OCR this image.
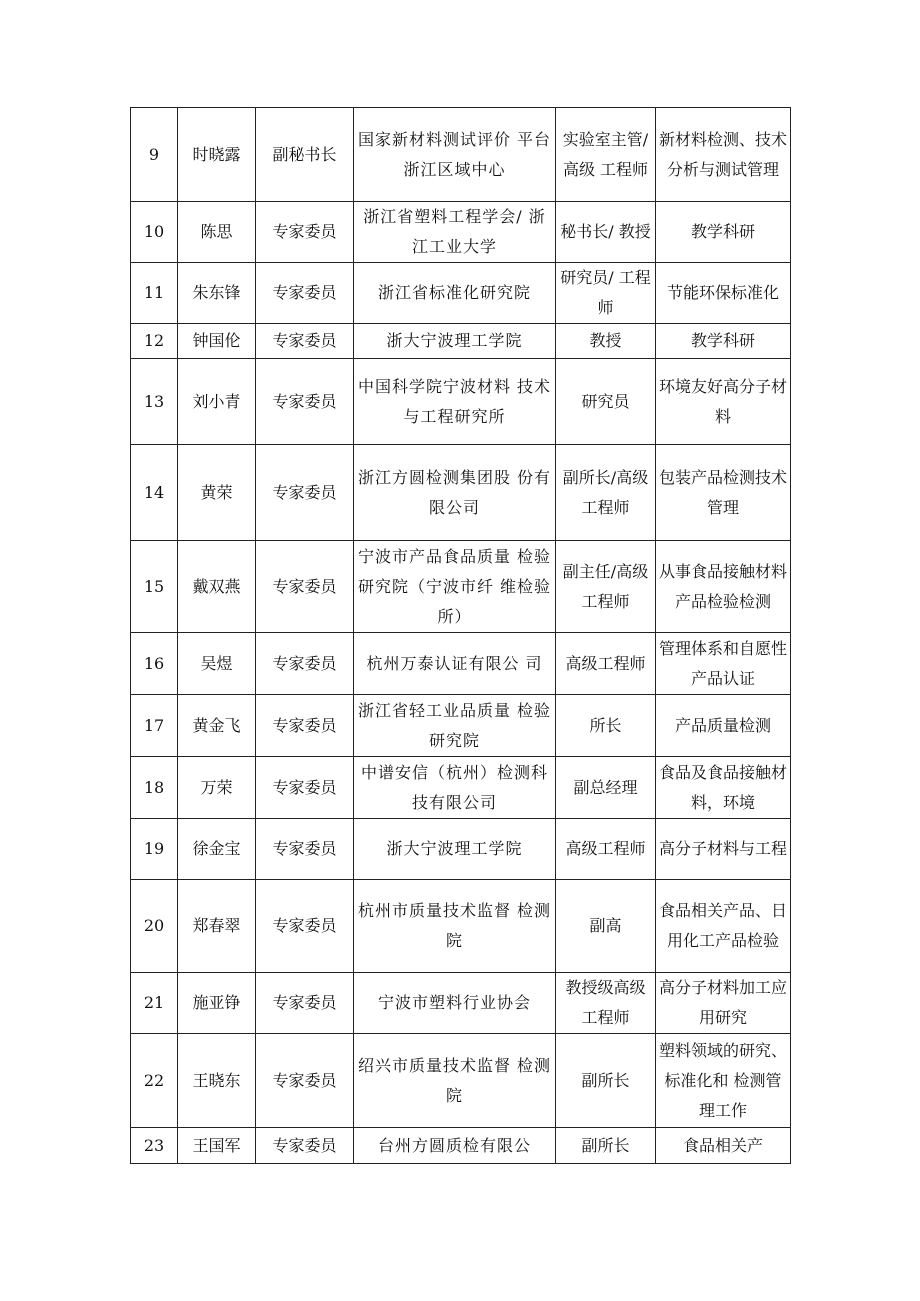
9	时晓露	副秘书长	国家新材料测试评价 平台浙江区域中心	实验室主管/高级 工程师	新材料检测、技术分析与测试管理
10	陈思	专家委员	浙江省塑料工程学会/ 浙江工业大学	秘书长/ 教授	教学科研
11	朱东锋	专家委员	浙江省标准化研究院	研究员/ 工程师	节能环保标准化
12	钟国伦	专家委员	浙大宁波理工学院	教授	教学科研
13	刘小青	专家委员	中国科学院宁波材料 技术与工程研究所	研究员	环境友好高分子材料
14	黄荣	专家委员	浙江方圆检测集团股 份有限公司	副所长/高级工程师	包装产品检测技术管理
15	戴双燕	专家委员	宁波市产品食品质量 检验研究院（宁波市纤 维检验所）	副主任/高级工程师	从事食品接触材料产品检验检测
16	吴煜	专家委员	杭州万泰认证有限公 司	高级工程师	管理体系和自愿性产品认证
17	黄金飞	专家委员	浙江省轻工业品质量 检验研究院	所长	产品质量检测
18	万荣	专家委员	中谱安信（杭州）检测科技有限公司	副总经理	食品及食品接触材料，环境
19	徐金宝	专家委员	浙大宁波理工学院	高级工程师	高分子材料与工程
20	郑春翠	专家委员	杭州市质量技术监督 检测院	副高	食品相关产品、日用化工产品检验
21	施亚铮	专家委员	宁波市塑料行业协会	教授级高级工程师	高分子材料加工应用研究
22	王晓东	专家委员	绍兴市质量技术监督 检测院	副所长	塑料领域的研究、标准化和 检测管理工作
23	王国军	专家委员	台州方圆质检有限公	副所长	食品相关产
